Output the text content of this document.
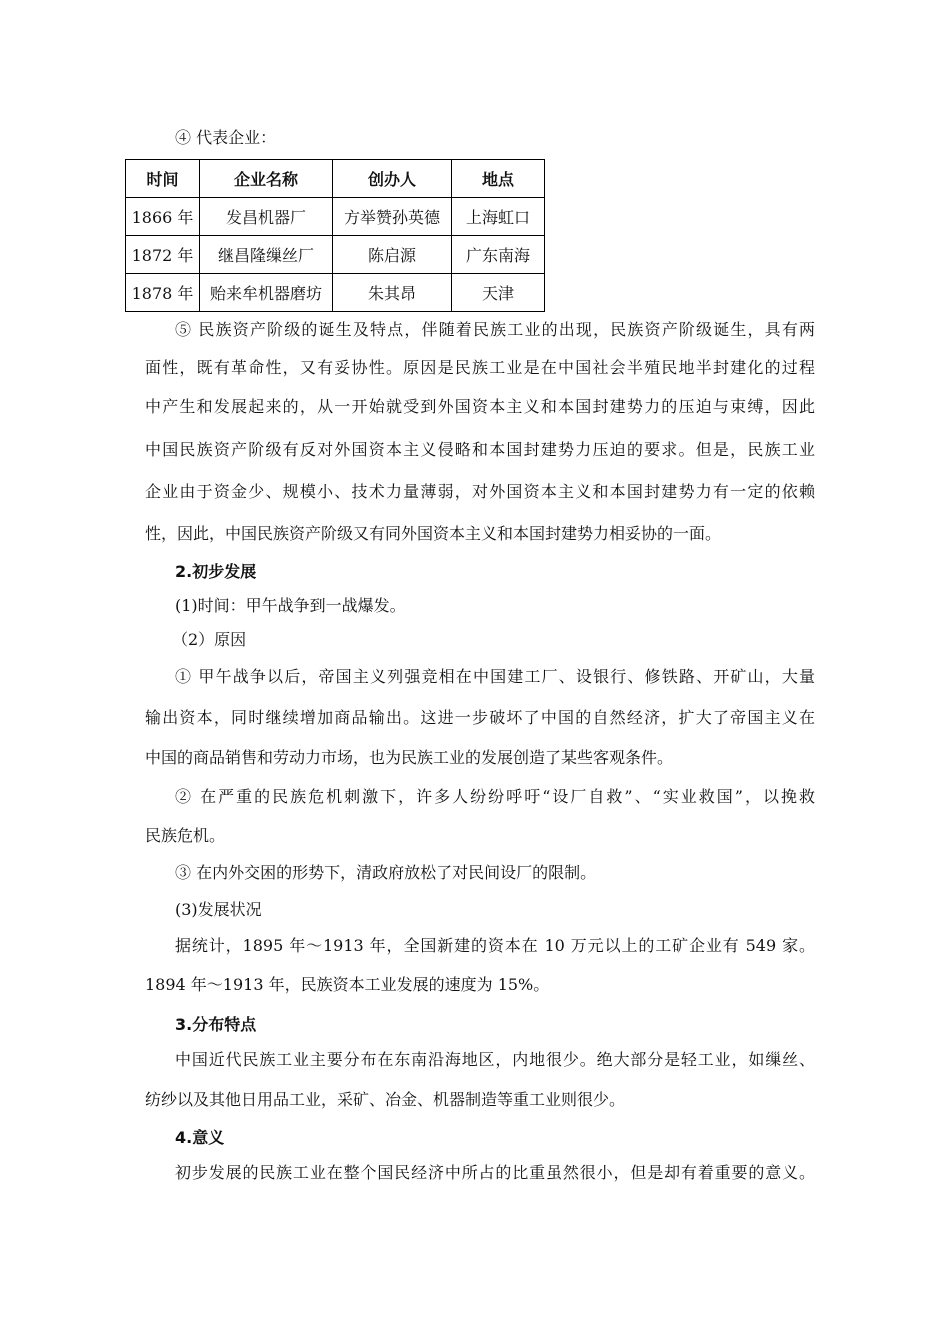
④ 代表企业：
时间	企业名称	创办人	地点
1866 年	发昌机器厂	方举赞孙英德	上海虹口
1872 年	继昌隆缫丝厂	陈启源	广东南海
1878 年	贻来牟机器磨坊	朱其昂	天津
⑤ 民族资产阶级的诞生及特点，伴随着民族工业的出现，民族资产阶级诞生，具有两
面性，既有革命性，又有妥协性。原因是民族工业是在中国社会半殖民地半封建化的过程
中产生和发展起来的，从一开始就受到外国资本主义和本国封建势力的压迫与束缚，因此
中国民族资产阶级有反对外国资本主义侵略和本国封建势力压迫的要求。但是，民族工业
企业由于资金少、规模小、技术力量薄弱，对外国资本主义和本国封建势力有一定的依赖
性，因此，中国民族资产阶级又有同外国资本主义和本国封建势力相妥协的一面。
2.初步发展
(1)时间：甲午战争到一战爆发。
（2）原因
① 甲午战争以后，帝国主义列强竞相在中国建工厂、设银行、修铁路、开矿山，大量
输出资本，同时继续增加商品输出。这进一步破坏了中国的自然经济，扩大了帝国主义在
中国的商品销售和劳动力市场，也为民族工业的发展创造了某些客观条件。
② 在严重的民族危机刺激下，许多人纷纷呼吁“设厂自救”、“实业救国”，以挽救
民族危机。
③ 在内外交困的形势下，清政府放松了对民间设厂的限制。
(3)发展状况
据统计，1895 年～1913 年，全国新建的资本在 10 万元以上的工矿企业有 549 家。
1894 年～1913 年，民族资本工业发展的速度为 15%。
3.分布特点
中国近代民族工业主要分布在东南沿海地区，内地很少。绝大部分是轻工业，如缫丝、
纺纱以及其他日用品工业，采矿、冶金、机器制造等重工业则很少。
4.意义
初步发展的民族工业在整个国民经济中所占的比重虽然很小，但是却有着重要的意义。
